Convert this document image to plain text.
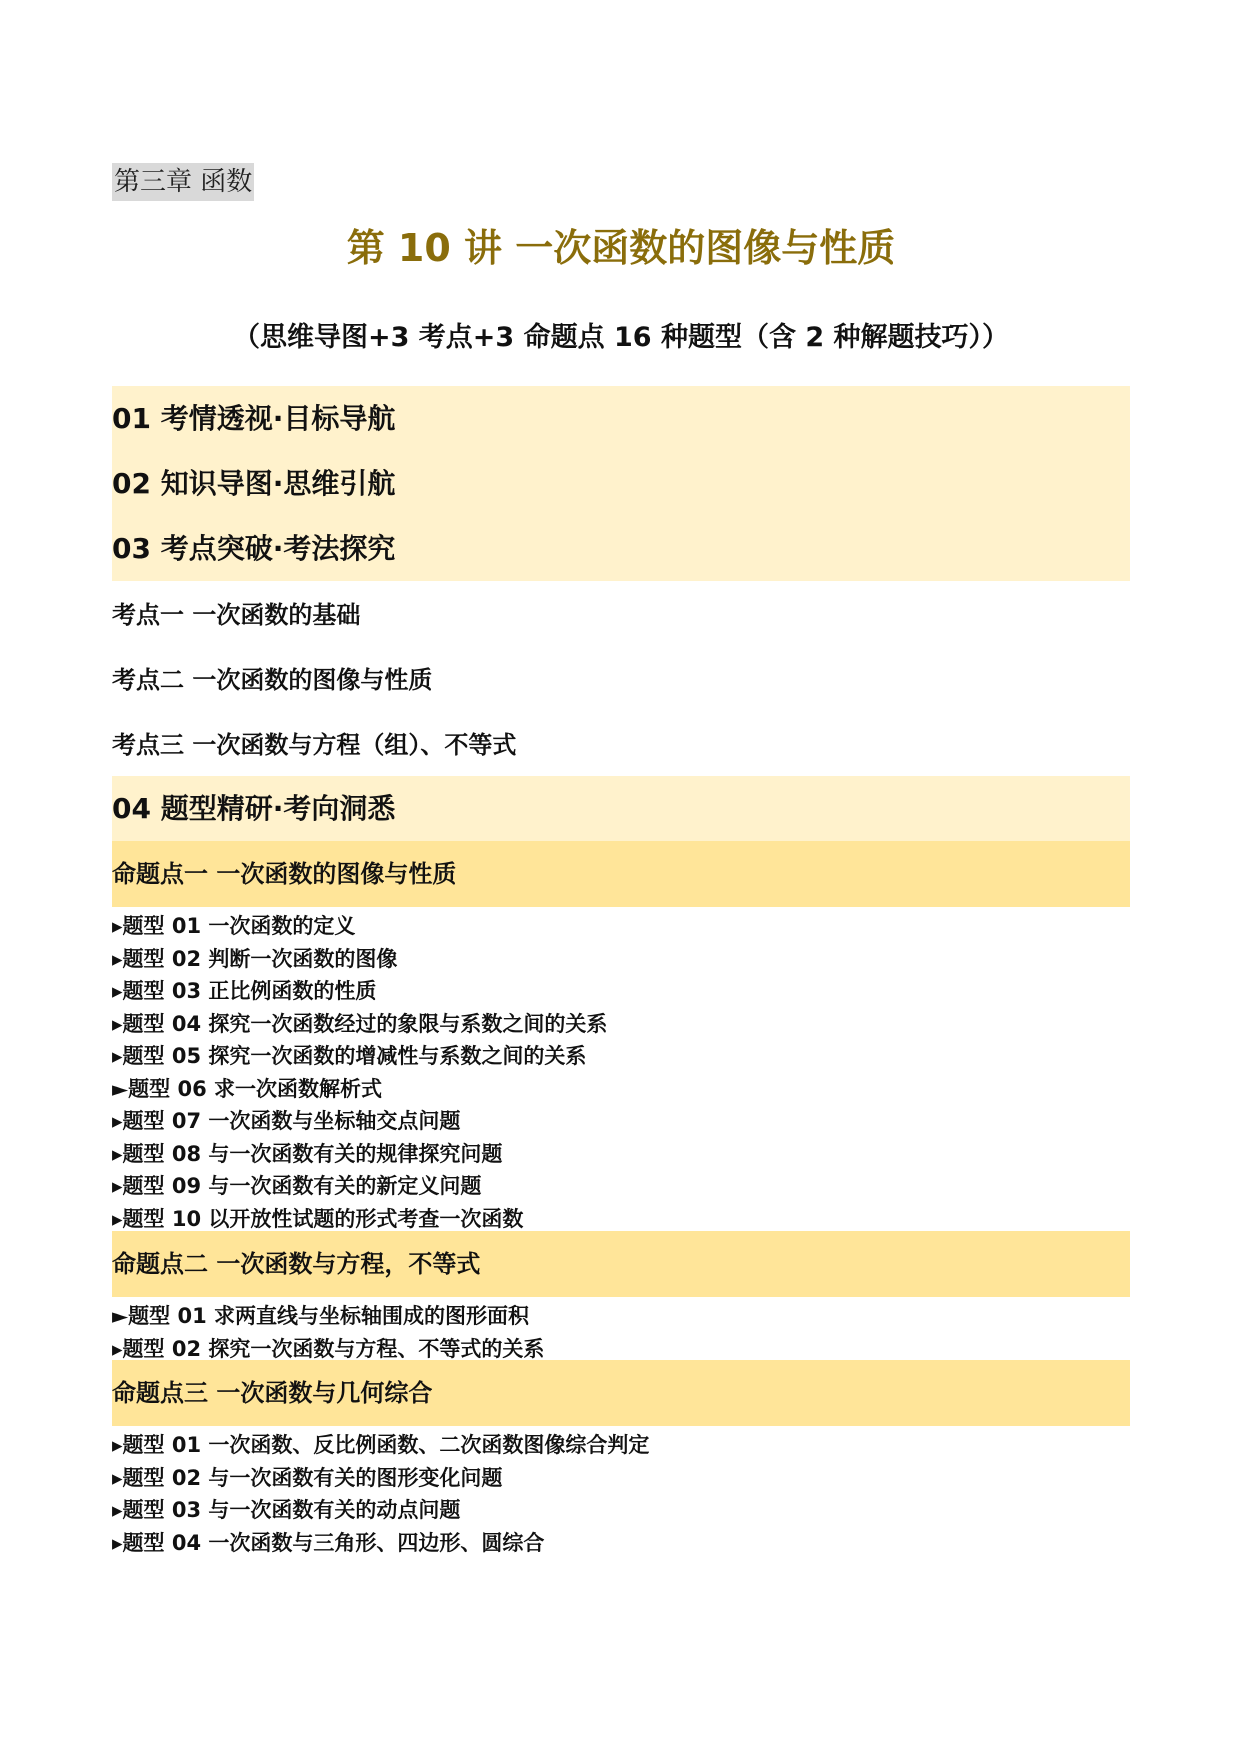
第三章 函数
第 10 讲 一次函数的图像与性质
（思维导图+3 考点+3 命题点 16 种题型（含 2 种解题技巧））
01 考情透视·目标导航
02 知识导图·思维引航
03 考点突破·考法探究
考点一 一次函数的基础
考点二 一次函数的图像与性质
考点三 一次函数与方程（组）、不等式
04 题型精研·考向洞悉
命题点一 一次函数的图像与性质
▸题型 01 一次函数的定义
▸题型 02 判断一次函数的图像
▸题型 03 正比例函数的性质
▸题型 04 探究一次函数经过的象限与系数之间的关系
▸题型 05 探究一次函数的增减性与系数之间的关系
►题型 06 求一次函数解析式
▸题型 07 一次函数与坐标轴交点问题
▸题型 08 与一次函数有关的规律探究问题
▸题型 09 与一次函数有关的新定义问题
▸题型 10 以开放性试题的形式考查一次函数
命题点二 一次函数与方程，不等式
►题型 01 求两直线与坐标轴围成的图形面积
▸题型 02 探究一次函数与方程、不等式的关系
命题点三 一次函数与几何综合
▸题型 01 一次函数、反比例函数、二次函数图像综合判定
▸题型 02 与一次函数有关的图形变化问题
▸题型 03 与一次函数有关的动点问题
▸题型 04 一次函数与三角形、四边形、圆综合
